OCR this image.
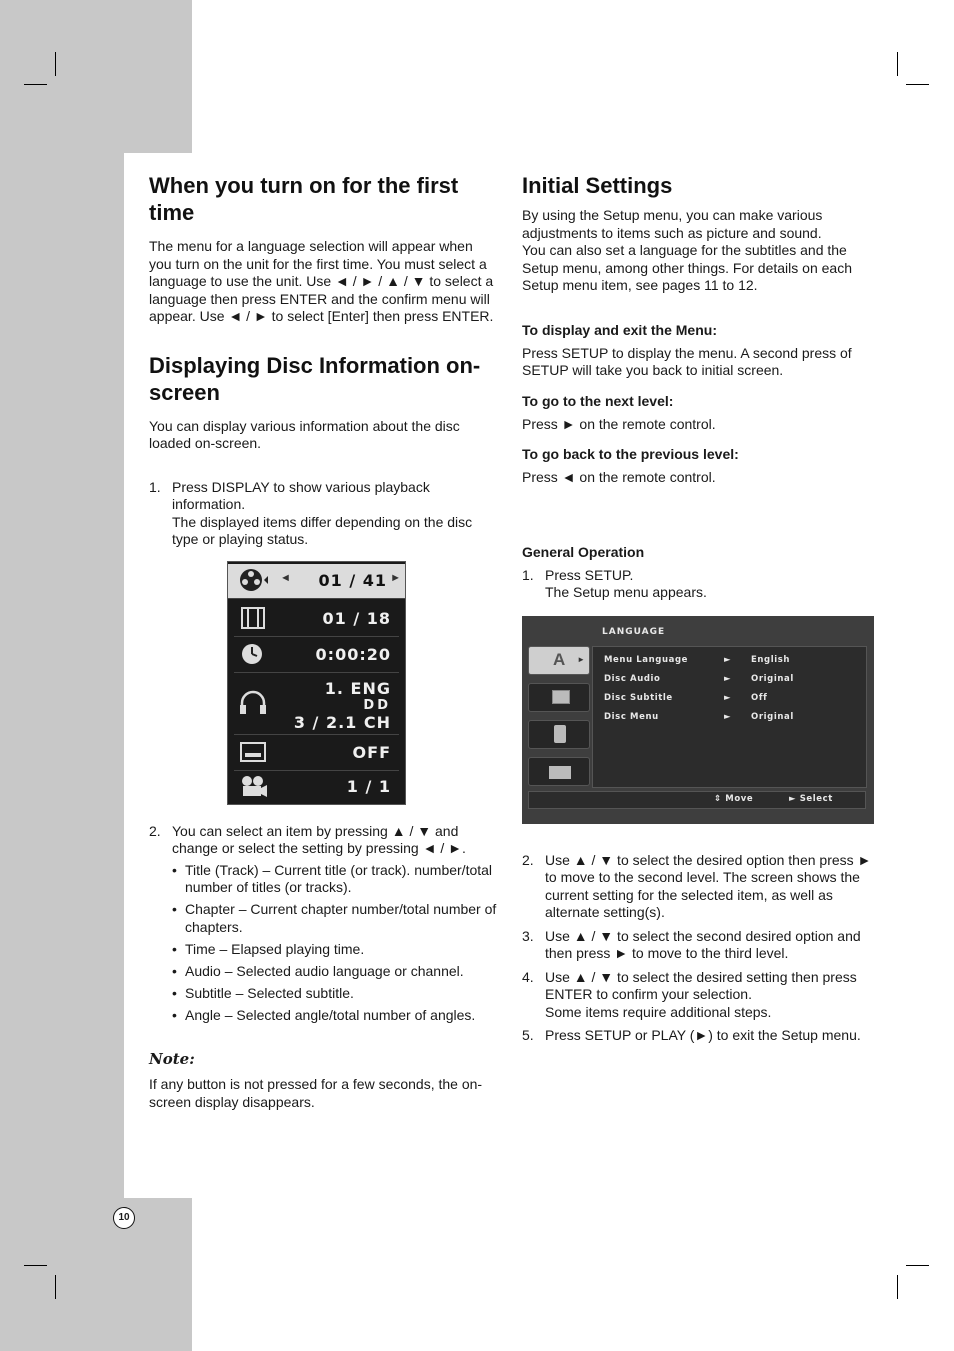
When you turn on for the first time

The menu for a language selection will appear when you turn on the unit for the first time. You must select a language to use the unit. Use ◄ / ► / ▲ / ▼ to select a language then press ENTER and the confirm menu will appear. Use ◄ / ► to select [Enter] then press ENTER.

Displaying Disc Information on-screen

You can display various information about the disc loaded on-screen.

1. Press DISPLAY to show various playback information.
The displayed items differ depending on the disc type or playing status.
◄ 01 / 41 ►
01 / 18
0:00:20
1. ENG
DD
3 / 2.1 CH
OFF
1 / 1
2. You can select an item by pressing ▲ / ▼ and change or select the setting by pressing ◄ / ►.
• Title (Track) – Current title (or track). number/total number of titles (or tracks).
• Chapter – Current chapter number/total number of chapters.
• Time – Elapsed playing time.
• Audio – Selected audio language or channel.
• Subtitle – Selected subtitle.
• Angle – Selected angle/total number of angles.
Note:

If any button is not pressed for a few seconds, the on-screen display disappears.

Initial Settings

By using the Setup menu, you can make various adjustments to items such as picture and sound.

You can also set a language for the subtitles and the Setup menu, among other things. For details on each Setup menu item, see pages 11 to 12.

To display and exit the Menu:

Press SETUP to display the menu. A second press of SETUP will take you back to initial screen.

To go to the next level:

Press ► on the remote control.

To go back to the previous level:

Press ◄ on the remote control.

General Operation
1. Press SETUP.
The Setup menu appears.
LANGUAGE
A ► Menu Language	► English
Disc Audio	► Original
Disc Subtitle	► Off
Disc Menu	► Original
⇕ Move	► Select
2. Use ▲ / ▼ to select the desired option then press ► to move to the second level. The screen shows the current setting for the selected item, as well as alternate setting(s).
3. Use ▲ / ▼ to select the second desired option and then press ► to move to the third level.
4. Use ▲ / ▼ to select the desired setting then press ENTER to confirm your selection.
Some items require additional steps.
5. Press SETUP or PLAY (►) to exit the Setup menu.
10
